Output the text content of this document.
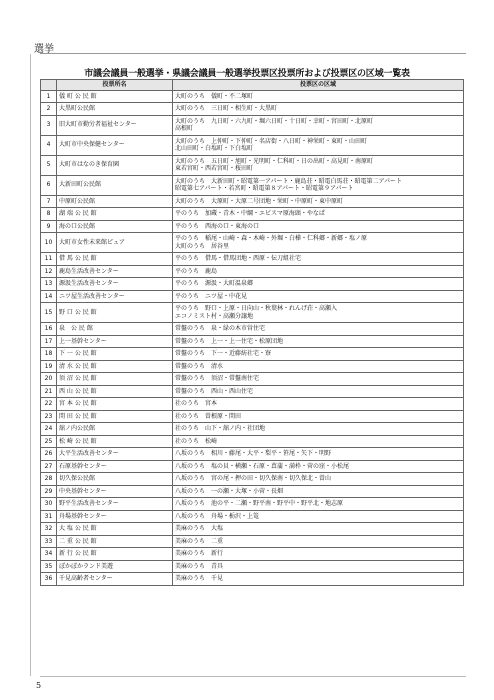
選挙
市議会議員一般選挙・県議会議員一般選挙投票区投票所および投票区の区域一覧表
	投票所名	投票区の区域

1	儀 町 公 民 館	大町のうち　儀町・不二塚町

2	大黒町公民館	大町のうち　三日町・相生町・大黒町

3	旧大町市勤労者福祉センター	大町のうち　九日町・六九町・堀六日町・十日町・幸町・宮田町・北原町
高根町

4	大町市中央保健センター	大町のうち　上仲町・下仲町・名店街・八日町・神栄町・東町・山田町
北山田町・白塩町・下白塩町

5	大町市はなのき保育園	大町のうち　五日町・旭町・光明町・仁科町・日の出町・高見町・南原町
東若宮町・西若宮町・桜田町

6	大新田町公民館	大町のうち　大新田町・昭電第一アパート・鹿島荘・昭電白馬荘・昭電第二アパート
昭電第七アパート・若宮町・昭電第８アパート・昭電第９アパート

7	中原町公民館	大町のうち　大原町・大原二号団地・栄町・中原町・東中原町

8	湖 端 公 民 館	平のうち　加蔵・青木・中綱・エビスマ原海頭・やなぱ

9	海の口公民館	平のうち　西海の口・東海の口

10	大町市女性未来館ピュア	平のうち　稲尾・山崎・森・木崎・外堀・白樺・仁科郷・新郷・塩ノ原
大町のうち　居谷里

11	借 馬 公 民 館	平のうち　借馬・借馬団地・西原・伝刀組社宅

12	鹿島生活改善センター	平のうち　鹿島

13	源汲生活改善センター	平のうち　源汲・大町温泉郷

14	ニツ屋生活改善センター	平のうち　ニツ屋・中花見

15	野 口 公 民 館	平のうち　野口・上原・日向山・秋葉林・れんげ荘・高瀬入
エコノミスト村・高瀬分譲地

16	泉　公 民 館	常盤のうち　泉・緑の木市営住宅

17	上一基幹センター	常盤のうち　上一・上一住宅・松原団地

18	下 一 公 民 館	常盤のうち　下一・近藤紡社宅・寮

19	清 水 公 民 館	常盤のうち　清水

20	須 沼 公 民 館	常盤のうち　須沼・常盤南住宅

21	西 山 公 民 館	常盤のうち　西山・西山住宅

22	宮 本 公 民 館	社のうち　宮本

23	閏 田 公 民 館	社のうち　曽根原・閏田

24	舘ノ内公民館	社のうち　山下・舘ノ内・社団地

25	松 崎 公 民 館	社のうち　松崎

26	大平生活改善センター	八坂のうち　相川・藤尾・大平・梨平・笹尾・矢下・明野

27	石原基幹センター	八坂のうち　塩の貝・横瀬・石原・菖蒲・満枠・菅の窪・小松尾

28	切久保公民館	八坂のうち　宮の尾・押の田・切久保南・切久保北・曽山

29	中央基幹センター	八坂のうち　一の瀬・大塚・小菅・長畑

30	野平生活改善センター	八坂のうち　池の平・二瀬・野平南・野平中・野平北・地志原

31	舟場基幹センター	八坂のうち　舟場・栃沢・上篭

32	大 塩 公 民 館	美麻のうち　大塩

33	二 重 公 民 館	美麻のうち　二重

34	新 行 公 民 館	美麻のうち　新行

35	ぽかぽかランド美遊	美麻のうち　青具

36	千見高齢者センター	美麻のうち　千見
5
